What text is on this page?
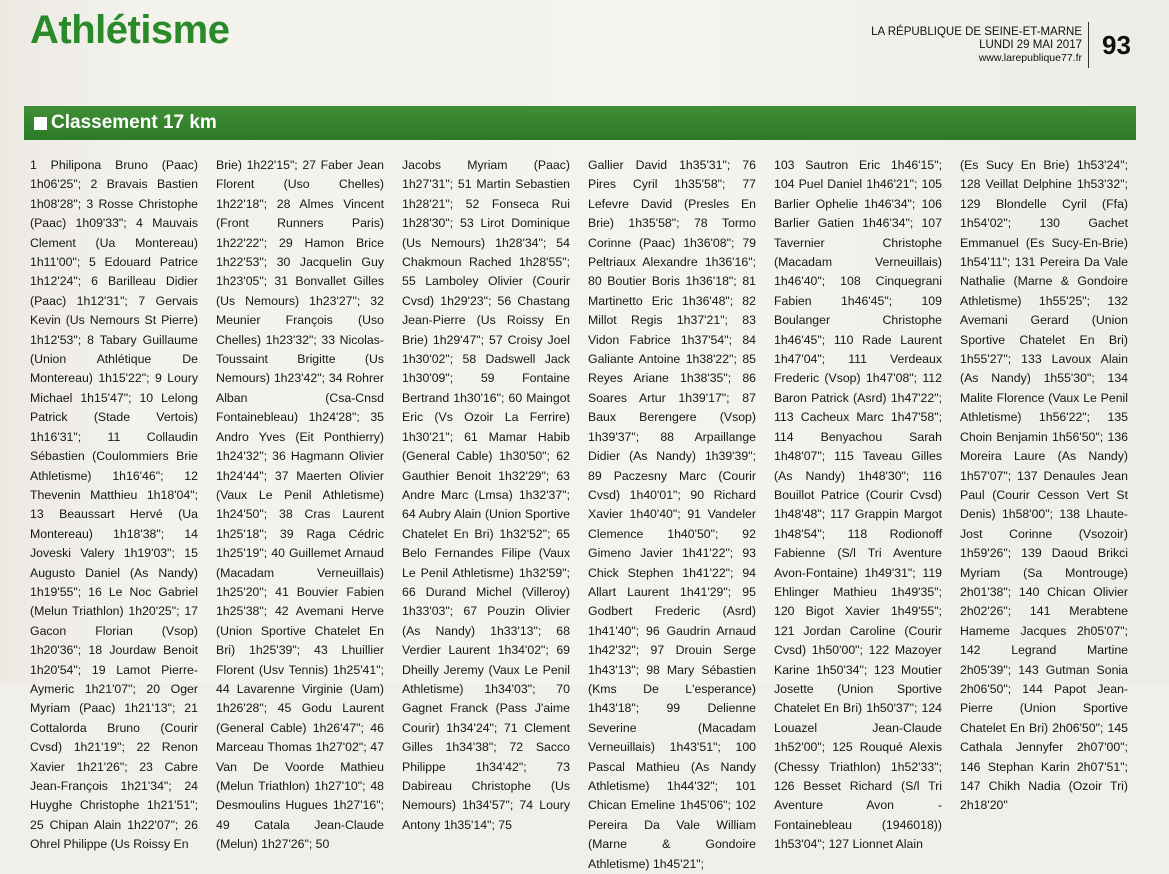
Athlétisme	LA RÉPUBLIQUE DE SEINE-ET-MARNE
LUNDI 29 MAI 2017
www.larepublique77.fr 93
Classement 17 km

1 Philipona Bruno (Paac) 1h06'25"; 2 Bravais Bastien 1h08'28"; 3 Rosse Christophe (Paac) 1h09'33"; 4 Mauvais Clement (Ua Montereau) 1h11'00"; 5 Edouard Patrice 1h12'24"; 6 Barilleau Didier (Paac) 1h12'31"; 7 Gervais Kevin (Us Nemours St Pierre) 1h12'53"; 8 Tabary Guillaume (Union Athlétique De Montereau) 1h15'22"; 9 Loury Michael 1h15'47"; 10 Lelong Patrick (Stade Vertois) 1h16'31"; 11 Collaudin Sébastien (Coulommiers Brie Athletisme) 1h16'46"; 12 Thevenin Matthieu 1h18'04"; 13 Beaussart Hervé (Ua Montereau) 1h18'38"; 14 Joveski Valery 1h19'03"; 15 Augusto Daniel (As Nandy) 1h19'55"; 16 Le Noc Gabriel (Melun Triathlon) 1h20'25"; 17 Gacon Florian (Vsop) 1h20'36"; 18 Jourdaw Benoit 1h20'54"; 19 Lamot Pierre-Aymeric 1h21'07"; 20 Oger Myriam (Paac) 1h21'13"; 21 Cottalorda Bruno (Courir Cvsd) 1h21'19"; 22 Renon Xavier 1h21'26"; 23 Cabre Jean-François 1h21'34"; 24 Huyghe Christophe 1h21'51"; 25 Chipan Alain 1h22'07"; 26 Ohrel Philippe (Us Roissy En

Brie) 1h22'15"; 27 Faber Jean Florent (Uso Chelles) 1h22'18"; 28 Almes Vincent (Front Runners Paris) 1h22'22"; 29 Hamon Brice 1h22'53"; 30 Jacquelin Guy 1h23'05"; 31 Bonvallet Gilles (Us Nemours) 1h23'27"; 32 Meunier François (Uso Chelles) 1h23'32"; 33 Nicolas-Toussaint Brigitte (Us Nemours) 1h23'42"; 34 Rohrer Alban (Csa-Cnsd Fontainebleau) 1h24'28"; 35 Andro Yves (Eit Ponthierry) 1h24'32"; 36 Hagmann Olivier 1h24'44"; 37 Maerten Olivier (Vaux Le Penil Athletisme) 1h24'50"; 38 Cras Laurent 1h25'18"; 39 Raga Cédric 1h25'19"; 40 Guillemet Arnaud (Macadam Verneuillais) 1h25'20"; 41 Bouvier Fabien 1h25'38"; 42 Avemani Herve (Union Sportive Chatelet En Bri) 1h25'39"; 43 Lhuillier Florent (Usv Tennis) 1h25'41"; 44 Lavarenne Virginie (Uam) 1h26'28"; 45 Godu Laurent (General Cable) 1h26'47"; 46 Marceau Thomas 1h27'02"; 47 Van De Voorde Mathieu (Melun Triathlon) 1h27'10"; 48 Desmoulins Hugues 1h27'16"; 49 Catala Jean-Claude (Melun) 1h27'26"; 50

Jacobs Myriam (Paac) 1h27'31"; 51 Martin Sebastien 1h28'21"; 52 Fonseca Rui 1h28'30"; 53 Lirot Dominique (Us Nemours) 1h28'34"; 54 Chakmoun Rached 1h28'55"; 55 Lamboley Olivier (Courir Cvsd) 1h29'23"; 56 Chastang Jean-Pierre (Us Roissy En Brie) 1h29'47"; 57 Croisy Joel 1h30'02"; 58 Dadswell Jack 1h30'09"; 59 Fontaine Bertrand 1h30'16"; 60 Maingot Eric (Vs Ozoir La Ferrire) 1h30'21"; 61 Mamar Habib (General Cable) 1h30'50"; 62 Gauthier Benoit 1h32'29"; 63 Andre Marc (Lmsa) 1h32'37"; 64 Aubry Alain (Union Sportive Chatelet En Bri) 1h32'52"; 65 Belo Fernandes Filipe (Vaux Le Penil Athletisme) 1h32'59"; 66 Durand Michel (Villeroy) 1h33'03"; 67 Pouzin Olivier (As Nandy) 1h33'13"; 68 Verdier Laurent 1h34'02"; 69 Dheilly Jeremy (Vaux Le Penil Athletisme) 1h34'03"; 70 Gagnet Franck (Pass J'aime Courir) 1h34'24"; 71 Clement Gilles 1h34'38"; 72 Sacco Philippe 1h34'42"; 73 Dabireau Christophe (Us Nemours) 1h34'57"; 74 Loury Antony 1h35'14"; 75

Gallier David 1h35'31"; 76 Pires Cyril 1h35'58"; 77 Lefevre David (Presles En Brie) 1h35'58"; 78 Tormo Corinne (Paac) 1h36'08"; 79 Peltriaux Alexandre 1h36'16"; 80 Boutier Boris 1h36'18"; 81 Martinetto Eric 1h36'48"; 82 Millot Regis 1h37'21"; 83 Vidon Fabrice 1h37'54"; 84 Galiante Antoine 1h38'22"; 85 Reyes Ariane 1h38'35"; 86 Soares Artur 1h39'17"; 87 Baux Berengere (Vsop) 1h39'37"; 88 Arpaillange Didier (As Nandy) 1h39'39"; 89 Paczesny Marc (Courir Cvsd) 1h40'01"; 90 Richard Xavier 1h40'40"; 91 Vandeler Clemence 1h40'50"; 92 Gimeno Javier 1h41'22"; 93 Chick Stephen 1h41'22"; 94 Allart Laurent 1h41'29"; 95 Godbert Frederic (Asrd) 1h41'40"; 96 Gaudrin Arnaud 1h42'32"; 97 Drouin Serge 1h43'13"; 98 Mary Sébastien (Kms De L'esperance) 1h43'18"; 99 Delienne Severine (Macadam Verneuillais) 1h43'51"; 100 Pascal Mathieu (As Nandy Athletisme) 1h44'32"; 101 Chican Emeline 1h45'06"; 102 Pereira Da Vale William (Marne & Gondoire Athletisme) 1h45'21";

103 Sautron Eric 1h46'15"; 104 Puel Daniel 1h46'21"; 105 Barlier Ophelie 1h46'34"; 106 Barlier Gatien 1h46'34"; 107 Tavernier Christophe (Macadam Verneuillais) 1h46'40"; 108 Cinquegrani Fabien 1h46'45"; 109 Boulanger Christophe 1h46'45"; 110 Rade Laurent 1h47'04"; 111 Verdeaux Frederic (Vsop) 1h47'08"; 112 Baron Patrick (Asrd) 1h47'22"; 113 Cacheux Marc 1h47'58"; 114 Benyachou Sarah 1h48'07"; 115 Taveau Gilles (As Nandy) 1h48'30"; 116 Bouillot Patrice (Courir Cvsd) 1h48'48"; 117 Grappin Margot 1h48'54"; 118 Rodionoff Fabienne (S/l Tri Aventure Avon-Fontaine) 1h49'31"; 119 Ehlinger Mathieu 1h49'35"; 120 Bigot Xavier 1h49'55"; 121 Jordan Caroline (Courir Cvsd) 1h50'00"; 122 Mazoyer Karine 1h50'34"; 123 Moutier Josette (Union Sportive Chatelet En Bri) 1h50'37"; 124 Louazel Jean-Claude 1h52'00"; 125 Rouqué Alexis (Chessy Triathlon) 1h52'33"; 126 Besset Richard (S/l Tri Aventure Avon - Fontainebleau (1946018)) 1h53'04"; 127 Lionnet Alain

(Es Sucy En Brie) 1h53'24"; 128 Veillat Delphine 1h53'32"; 129 Blondelle Cyril (Ffa) 1h54'02"; 130 Gachet Emmanuel (Es Sucy-En-Brie) 1h54'11"; 131 Pereira Da Vale Nathalie (Marne & Gondoire Athletisme) 1h55'25"; 132 Avemani Gerard (Union Sportive Chatelet En Bri) 1h55'27"; 133 Lavoux Alain (As Nandy) 1h55'30"; 134 Malite Florence (Vaux Le Penil Athletisme) 1h56'22"; 135 Choin Benjamin 1h56'50"; 136 Moreira Laure (As Nandy) 1h57'07"; 137 Denaules Jean Paul (Courir Cesson Vert St Denis) 1h58'00"; 138 Lhaute-Jost Corinne (Vsozoir) 1h59'26"; 139 Daoud Brikci Myriam (Sa Montrouge) 2h01'38"; 140 Chican Olivier 2h02'26"; 141 Merabtene Hameme Jacques 2h05'07"; 142 Legrand Martine 2h05'39"; 143 Gutman Sonia 2h06'50"; 144 Papot Jean-Pierre (Union Sportive Chatelet En Bri) 2h06'50"; 145 Cathala Jennyfer 2h07'00"; 146 Stephan Karin 2h07'51"; 147 Chikh Nadia (Ozoir Tri) 2h18'20"
